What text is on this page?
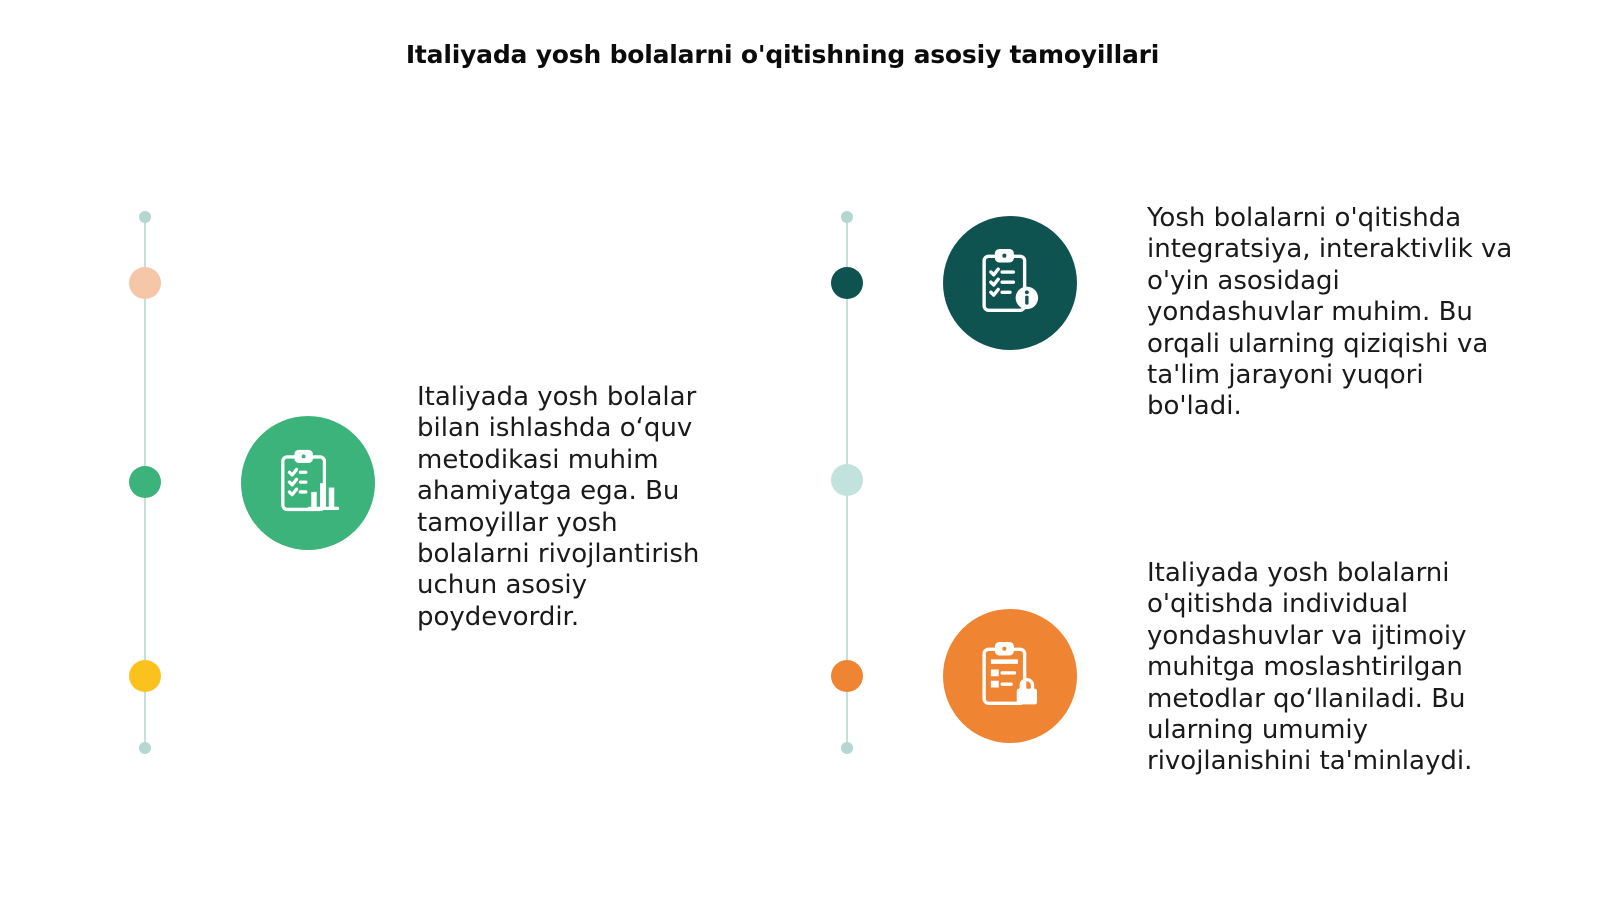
Italiyada yosh bolalarni o'qitishning asosiy tamoyillari

Italiyada yosh bolalar

bilan ishlashda o‘quv

metodikasi muhim

ahamiyatga ega. Bu

tamoyillar yosh

bolalarni rivojlantirish

uchun asosiy

poydevordir.

Yosh bolalarni o'qitishda

integratsiya, interaktivlik va

o'yin asosidagi

yondashuvlar muhim. Bu

orqali ularning qiziqishi va

ta'lim jarayoni yuqori

bo'ladi.

Italiyada yosh bolalarni

o'qitishda individual

yondashuvlar va ijtimoiy

muhitga moslashtirilgan

metodlar qo‘llaniladi. Bu

ularning umumiy

rivojlanishini ta'minlaydi.
